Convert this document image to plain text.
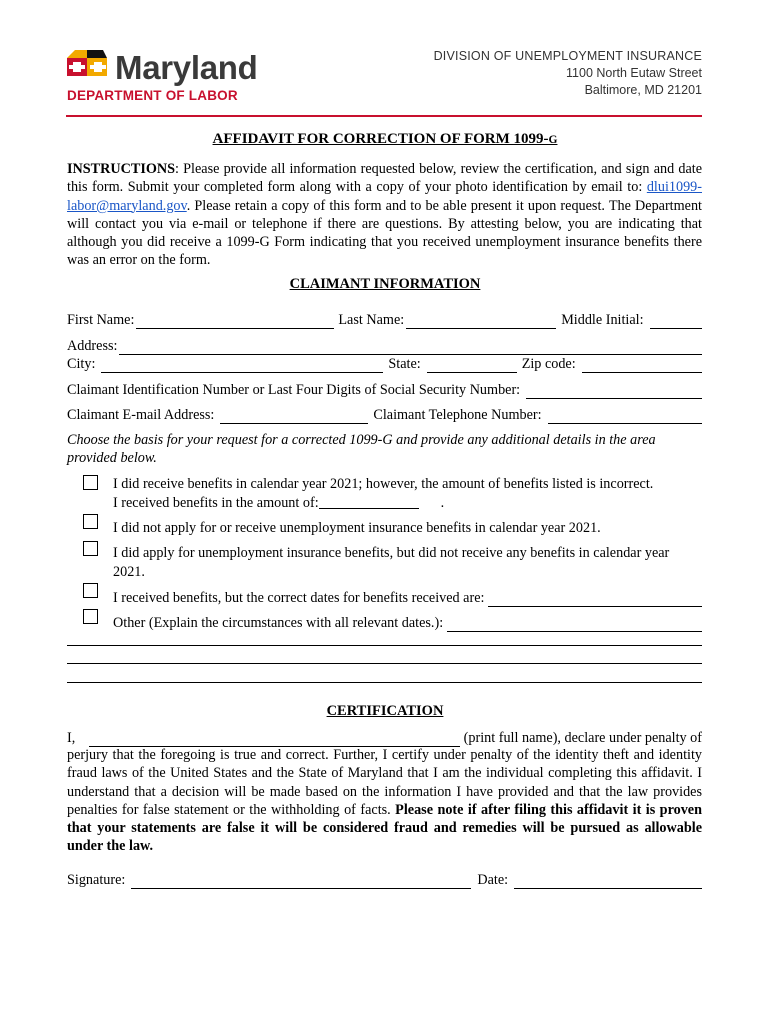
Maryland
DEPARTMENT OF LABOR
DIVISION OF UNEMPLOYMENT INSURANCE
1100 North Eutaw Street
Baltimore, MD 21201
AFFIDAVIT FOR CORRECTION OF FORM 1099-G
INSTRUCTIONS: Please provide all information requested below, review the certification, and sign and date this form. Submit your completed form along with a copy of your photo identification by email to: dlui1099-labor@maryland.gov. Please retain a copy of this form and to be able present it upon request. The Department will contact you via e-mail or telephone if there are questions. By attesting below, you are indicating that although you did receive a 1099-G Form indicating that you received unemployment insurance benefits there was an error on the form.
CLAIMANT INFORMATION
First Name:	Last Name:	Middle Initial:
Address:
City:	State:	Zip code:
Claimant Identification Number or Last Four Digits of Social Security Number:
Claimant E-mail Address:	Claimant Telephone Number:
Choose the basis for your request for a corrected 1099-G and provide any additional details in the area provided below.
I did receive benefits in calendar year 2021; however, the amount of benefits listed is incorrect.
I received benefits in the amount of:	.
I did not apply for or receive unemployment insurance benefits in calendar year 2021.
I did apply for unemployment insurance benefits, but did not receive any benefits in calendar year 2021.
I received benefits, but the correct dates for benefits received are:
Other (Explain the circumstances with all relevant dates.):
CERTIFICATION
I,	(print full name), declare under penalty of
perjury that the foregoing is true and correct. Further, I certify under penalty of the identity theft and identity fraud laws of the United States and the State of Maryland that I am the individual completing this affidavit. I understand that a decision will be made based on the information I have provided and that the law provides penalties for false statement or the withholding of facts. Please note if after filing this affidavit it is proven that your statements are false it will be considered fraud and remedies will be pursued as allowable under the law.
Signature:	Date:
